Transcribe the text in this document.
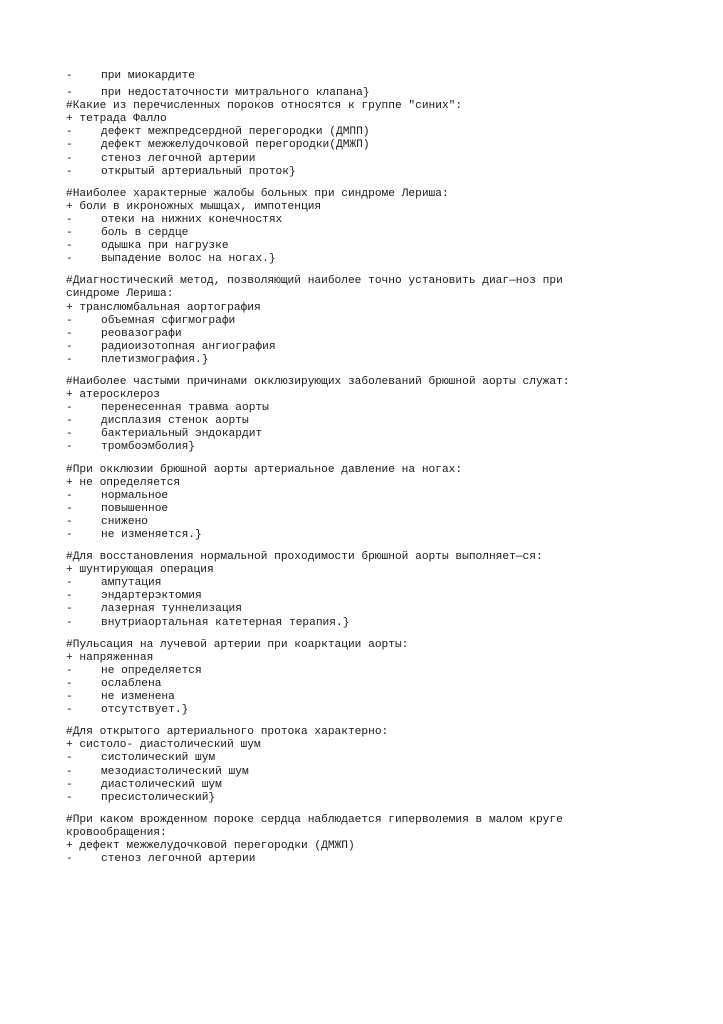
-	при миокардите
-	при недостаточности митрального клапана}
#Какие из перечисленных пороков относятся к группе "синих":
+ тетрада Фалло
-	дефект межпредсердной перегородки (ДМПП)
-	дефект межжелудочковой перегородки(ДМЖП)
-	стеноз легочной артерии
-	открытый артериальный проток}
#Наиболее характерные жалобы больных при синдроме Лериша:
+ боли в икроножных мышцах, импотенция
-	отеки на нижних конечностях
-	боль в сердце
-	одышка при нагрузке
-	выпадение волос на ногах.}
#Диагностический метод, позволяющий наиболее точно установить диаг—ноз при
синдроме Лериша:
+ транслюмбальная аортография
-	объемная сфигмографи
-	реовазографи
-	радиоизотопная ангиография
-	плетизмография.}
#Наиболее частыми причинами окклюзирующих заболеваний брюшной аорты служат:
+ атеросклероз
-	перенесенная травма аорты
-	дисплазия стенок аорты
-	бактериальный эндокардит
-	тромбоэмболия}
#При окклюзии брюшной аорты артериальное давление на ногах:
+ не определяется
-	нормальное
-	повышенное
-	снижено
-	не изменяется.}
#Для восстановления нормальной проходимости брюшной аорты выполняет—ся:
+ шунтирующая операция
-	ампутация
-	эндартерэктомия
-	лазерная туннелизация
-	внутриаортальная катетерная терапия.}
#Пульсация на лучевой артерии при коарктации аорты:
+ напряженная
-	не определяется
-	ослаблена
-	не изменена
-	отсутствует.}
#Для открытого артериального протока характерно:
+ систоло- диастолический шум
-	систолический шум
-	мезодиастолический шум
-	диастолический шум
-	пресистолический}
#При каком врожденном пороке сердца наблюдается гиперволемия в малом круге
кровообращения:
+ дефект межжелудочковой перегородки (ДМЖП)
-	стеноз легочной артерии
